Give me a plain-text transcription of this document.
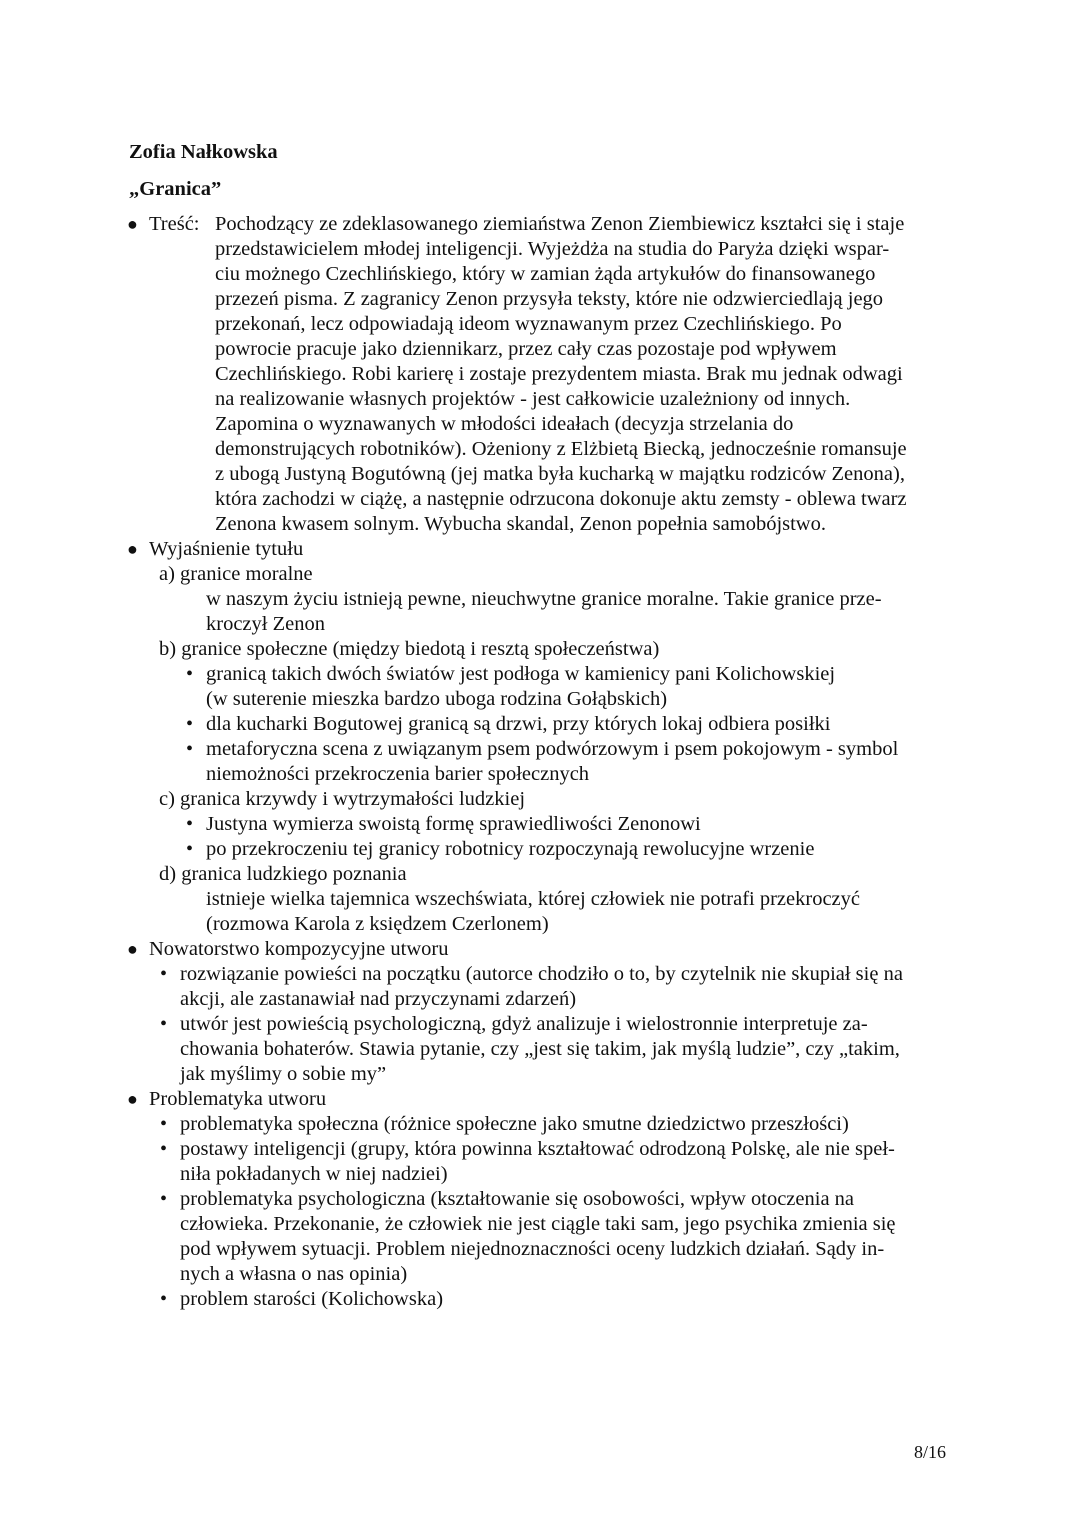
Zofia Nałkowska
„Granica”
● Treść: Pochodzący ze zdeklasowanego ziemiaństwa Zenon Ziembiewicz kształci się i staje
przedstawicielem młodej inteligencji. Wyjeżdża na studia do Paryża dzięki wspar-
ciu możnego Czechlińskiego, który w zamian żąda artykułów do finansowanego
przezeń pisma. Z zagranicy Zenon przysyła teksty, które nie odzwierciedlają jego
przekonań, lecz odpowiadają ideom wyznawanym przez Czechlińskiego. Po
powrocie pracuje jako dziennikarz, przez cały czas pozostaje pod wpływem
Czechlińskiego. Robi karierę i zostaje prezydentem miasta. Brak mu jednak odwagi
na realizowanie własnych projektów - jest całkowicie uzależniony od innych.
Zapomina o wyznawanych w młodości ideałach (decyzja strzelania do
demonstrujących robotników). Ożeniony z Elżbietą Biecką, jednocześnie romansuje
z ubogą Justyną Bogutówną (jej matka była kucharką w majątku rodziców Zenona),
która zachodzi w ciążę, a następnie odrzucona dokonuje aktu zemsty - oblewa twarz
Zenona kwasem solnym. Wybucha skandal, Zenon popełnia samobójstwo.
● Wyjaśnienie tytułu
a) granice moralne
w naszym życiu istnieją pewne, nieuchwytne granice moralne. Takie granice prze-
kroczył Zenon
b) granice społeczne (między biedotą i resztą społeczeństwa)
• granicą takich dwóch światów jest podłoga w kamienicy pani Kolichowskiej
(w suterenie mieszka bardzo uboga rodzina Gołąbskich)
• dla kucharki Bogutowej granicą są drzwi, przy których lokaj odbiera posiłki
• metaforyczna scena z uwiązanym psem podwórzowym i psem pokojowym - symbol
niemożności przekroczenia barier społecznych
c) granica krzywdy i wytrzymałości ludzkiej
• Justyna wymierza swoistą formę sprawiedliwości Zenonowi
• po przekroczeniu tej granicy robotnicy rozpoczynają rewolucyjne wrzenie
d) granica ludzkiego poznania
istnieje wielka tajemnica wszechświata, której człowiek nie potrafi przekroczyć
(rozmowa Karola z księdzem Czerlonem)
● Nowatorstwo kompozycyjne utworu
• rozwiązanie powieści na początku (autorce chodziło o to, by czytelnik nie skupiał się na
akcji, ale zastanawiał nad przyczynami zdarzeń)
• utwór jest powieścią psychologiczną, gdyż analizuje i wielostronnie interpretuje za-
chowania bohaterów. Stawia pytanie, czy „jest się takim, jak myślą ludzie”, czy „takim,
jak myślimy o sobie my”
● Problematyka utworu
• problematyka społeczna (różnice społeczne jako smutne dziedzictwo przeszłości)
• postawy inteligencji (grupy, która powinna kształtować odrodzoną Polskę, ale nie speł-
niła pokładanych w niej nadziei)
• problematyka psychologiczna (kształtowanie się osobowości, wpływ otoczenia na
człowieka. Przekonanie, że człowiek nie jest ciągle taki sam, jego psychika zmienia się
pod wpływem sytuacji. Problem niejednoznaczności oceny ludzkich działań. Sądy in-
nych a własna o nas opinia)
• problem starości (Kolichowska)
8/16
